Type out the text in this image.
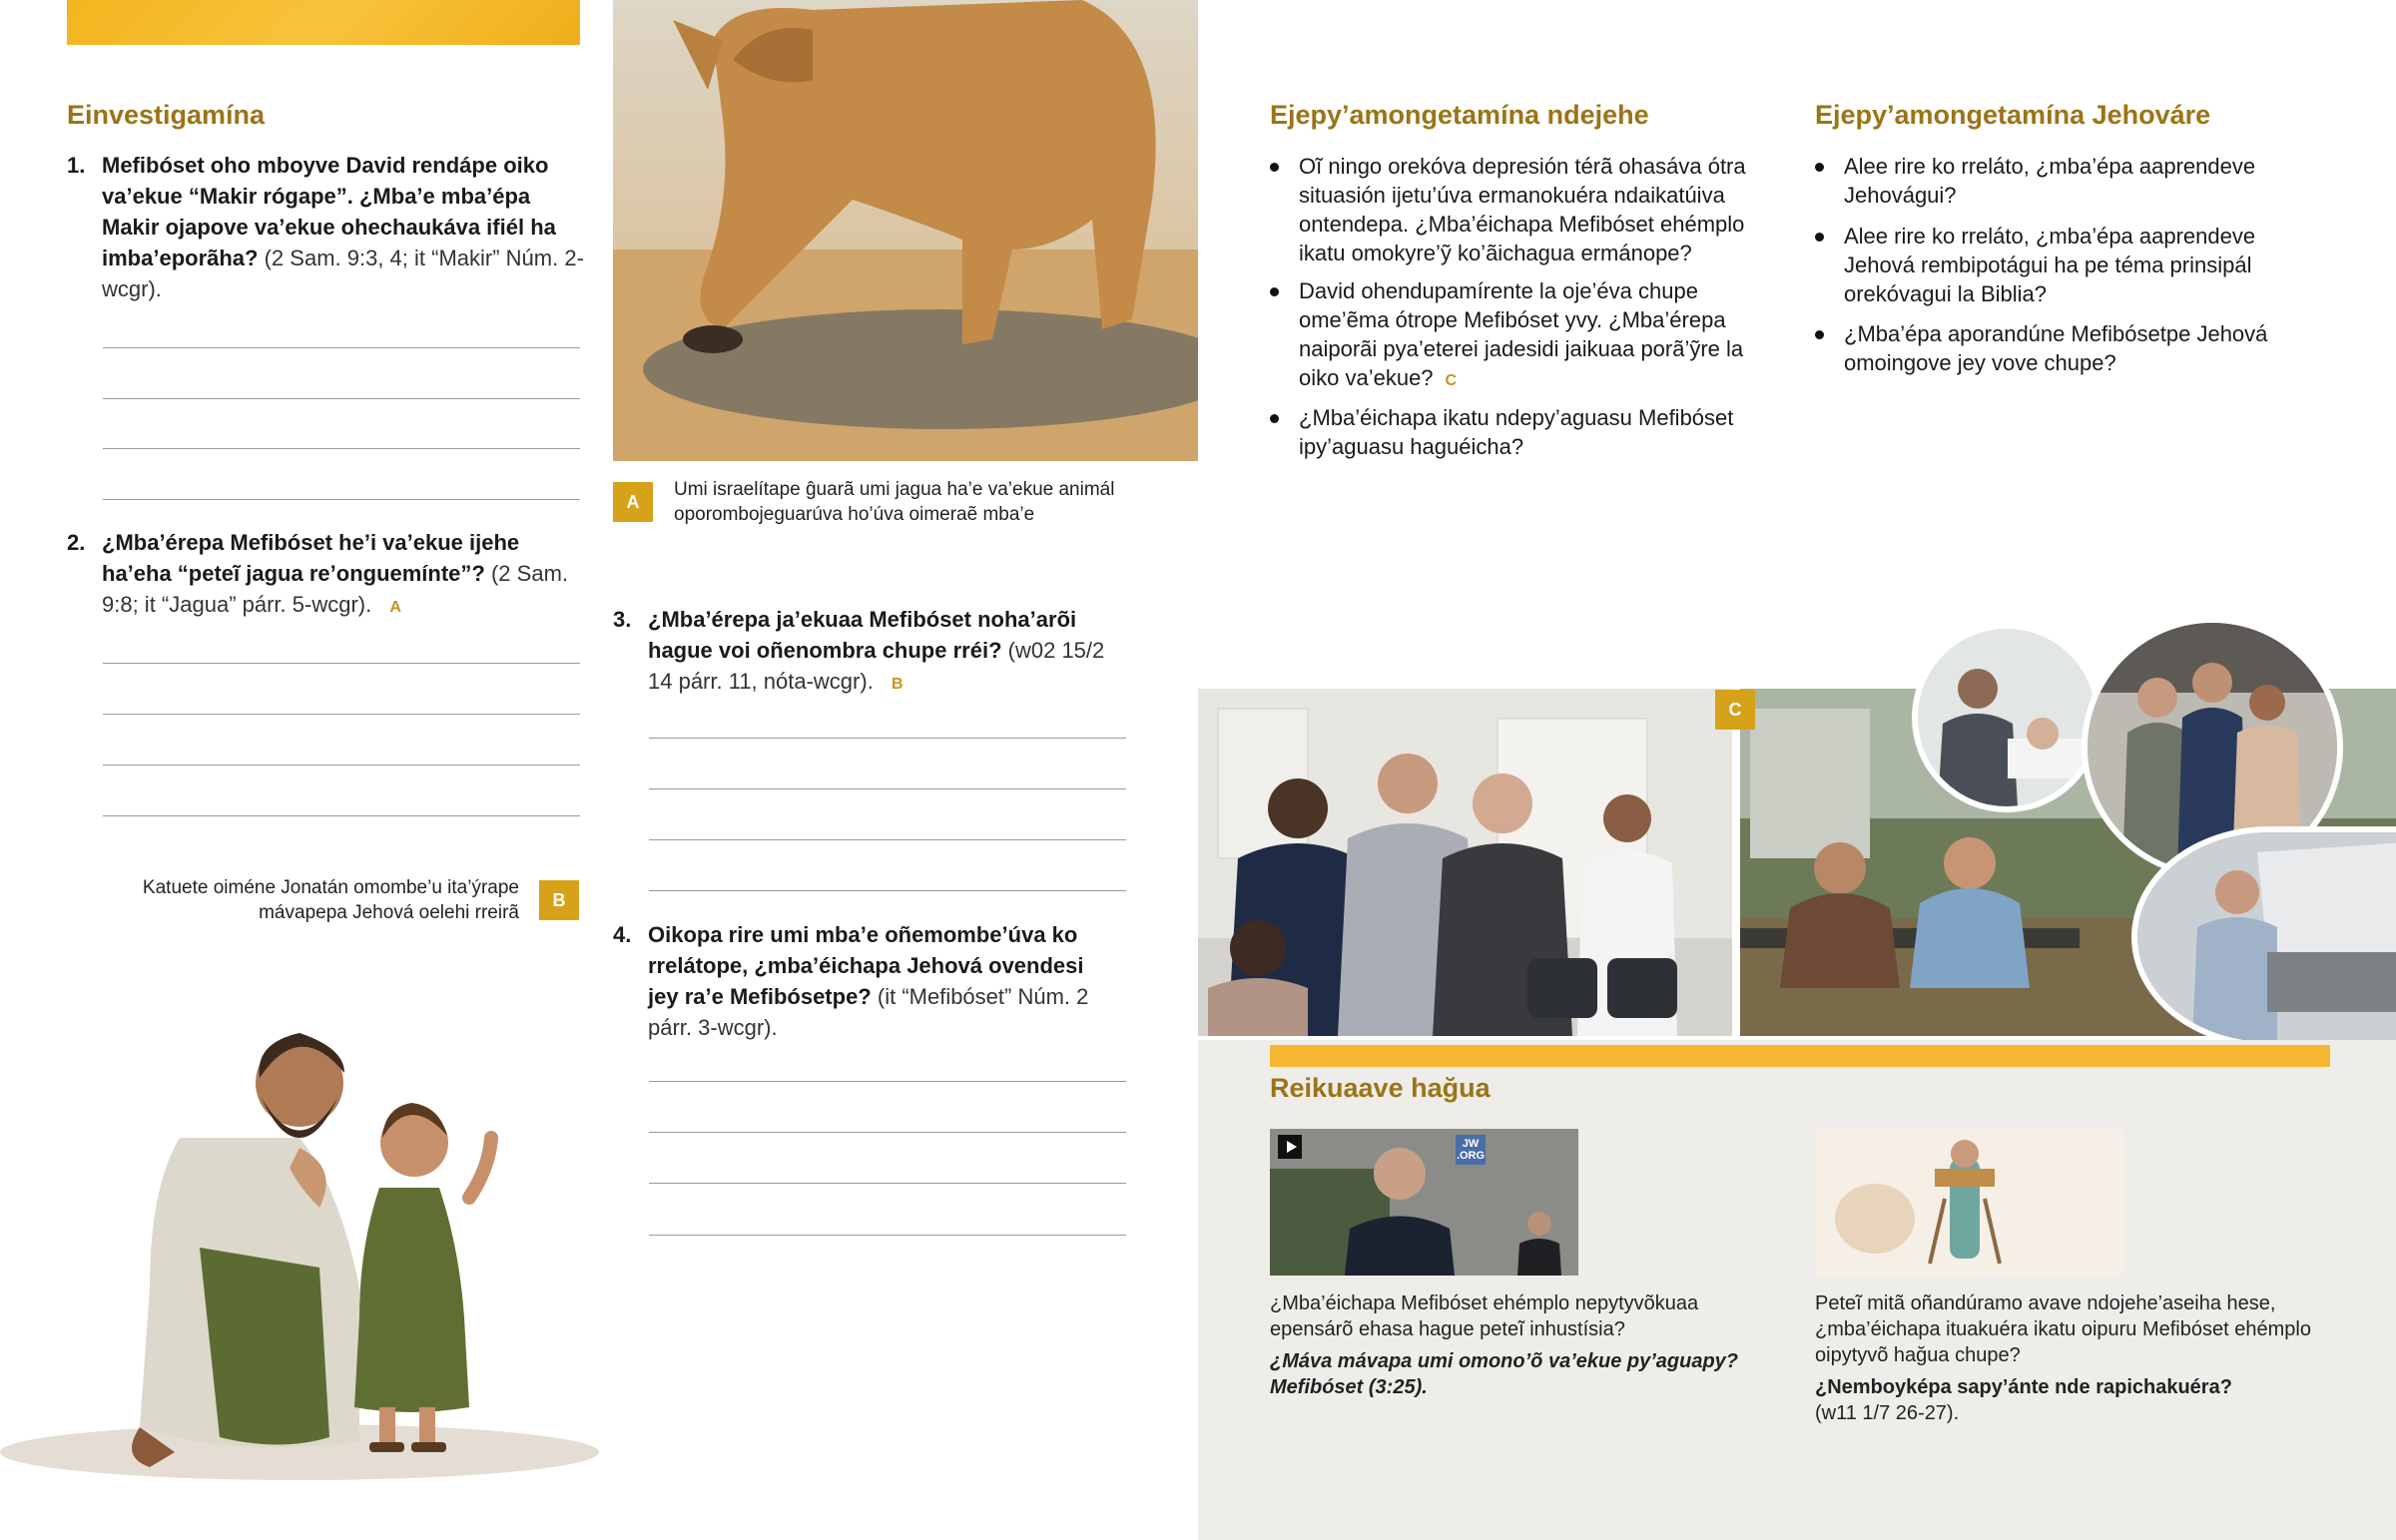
Einvestigamína
1. Mefibóset oho mboyve David rendápe oiko va’ekue “Makir rógape”. ¿Mba’e mba’épa Makir ojapove va’ekue ohechaukáva ifiél ha imba’eporãha? (2 Sam. 9:3, 4; it “Makir” Núm. 2-wcgr).
2. ¿Mba’érepa Mefibóset he’i va’ekue ijehe ha’eha “peteĩ jagua re’onguemínte”? (2 Sam. 9:8; it “Jagua” párr. 5-wcgr). A
Katuete oiméne Jonatán omombe’u ita’ýrape mávapepa Jehová oelehi rreirã
B
A
Umi israelítape ĝuarã umi jagua ha’e va’ekue animál oporombojeguarúva ho’úva oimeraẽ mba’e
3. ¿Mba’érepa ja’ekuaa Mefibóset noha’arõi hague voi oñenombra chupe rréi? (w02 15/2 14 párr. 11, nóta-wcgr). B
4. Oikopa rire umi mba’e oñemombe’úva ko rrelátope, ¿mba’éichapa Jehová ovendesi jey ra’e Mefibósetpe? (it “Mefibóset” Núm. 2 párr. 3-wcgr).
Ejepy’amongetamína ndejehe
Oĩ ningo orekóva depresión térã ohasáva ótra situasión ijetu’úva ermanokuéra ndaikatúiva ontendepa. ¿Mba’éichapa Mefibóset ehémplo ikatu omokyre’ỹ ko’ãichagua ermánope?
David ohendupamírente la oje’éva chupe ome’ẽma ótrope Mefibóset yvy. ¿Mba’érepa naiporãi pya’eterei jadesidi jaikuaa porã’ỹre la oiko va’ekue? C
¿Mba’éichapa ikatu ndepy’aguasu Mefibóset ipy’aguasu haguéicha?
Ejepy’amongetamína Jehováre
Alee rire ko rreláto, ¿mba’épa aaprendeve Jehovágui?
Alee rire ko rreláto, ¿mba’épa aaprendeve Jehová rembipotágui ha pe téma prinsipál orekóvagui la Biblia?
¿Mba’épa aporandúne Mefibósetpe Jehová omoingove jey vove chupe?
C
Reikuaave hağua
JW
.ORG
¿Mba’éichapa Mefibóset ehémplo nepytyvõkuaa epensárõ ehasa hague peteĩ inhustísia?
¿Máva mávapa umi omono’õ va’ekue py’aguapy? Mefibóset (3:25).
Peteĩ mitã oñandúramo avave ndojehe’aseiha hese, ¿mba’éichapa ituakuéra ikatu oipuru Mefibóset ehémplo oipytyvõ hağua chupe?
¿Nemboyképa sapy’ánte nde rapichakuéra?
(w11 1/7 26-27).
